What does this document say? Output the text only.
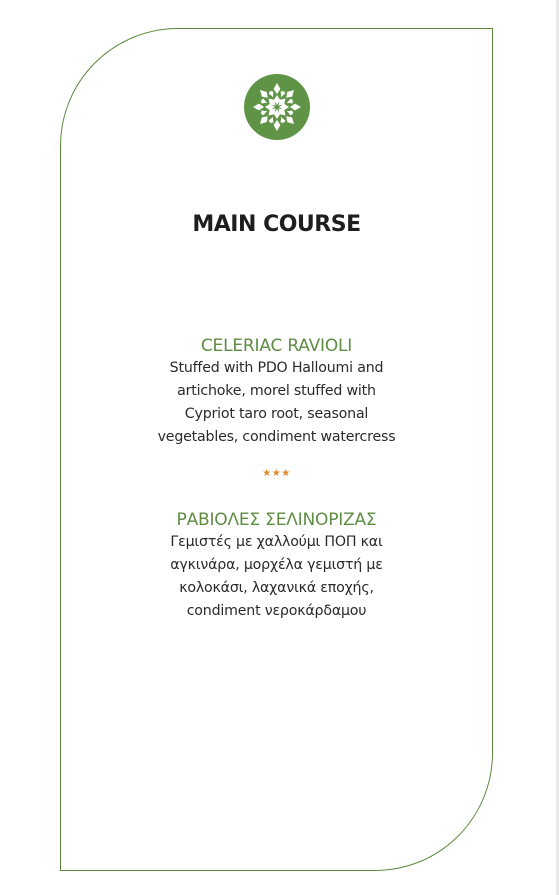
MAIN COURSE

CELERIAC RAVIOLI

Stuffed with PDO Halloumi and
artichoke, morel stuffed with
Cypriot taro root, seasonal
vegetables, condiment watercress

★★★

ΡΑΒΙΟΛΕΣ ΣΕΛΙΝΟΡΙΖΑΣ

Γεμιστές με χαλλούμι ΠΟΠ και
αγκινάρα, μορχέλα γεμιστή με
κολοκάσι, λαχανικά εποχής,
condiment νεροκάρδαμου
